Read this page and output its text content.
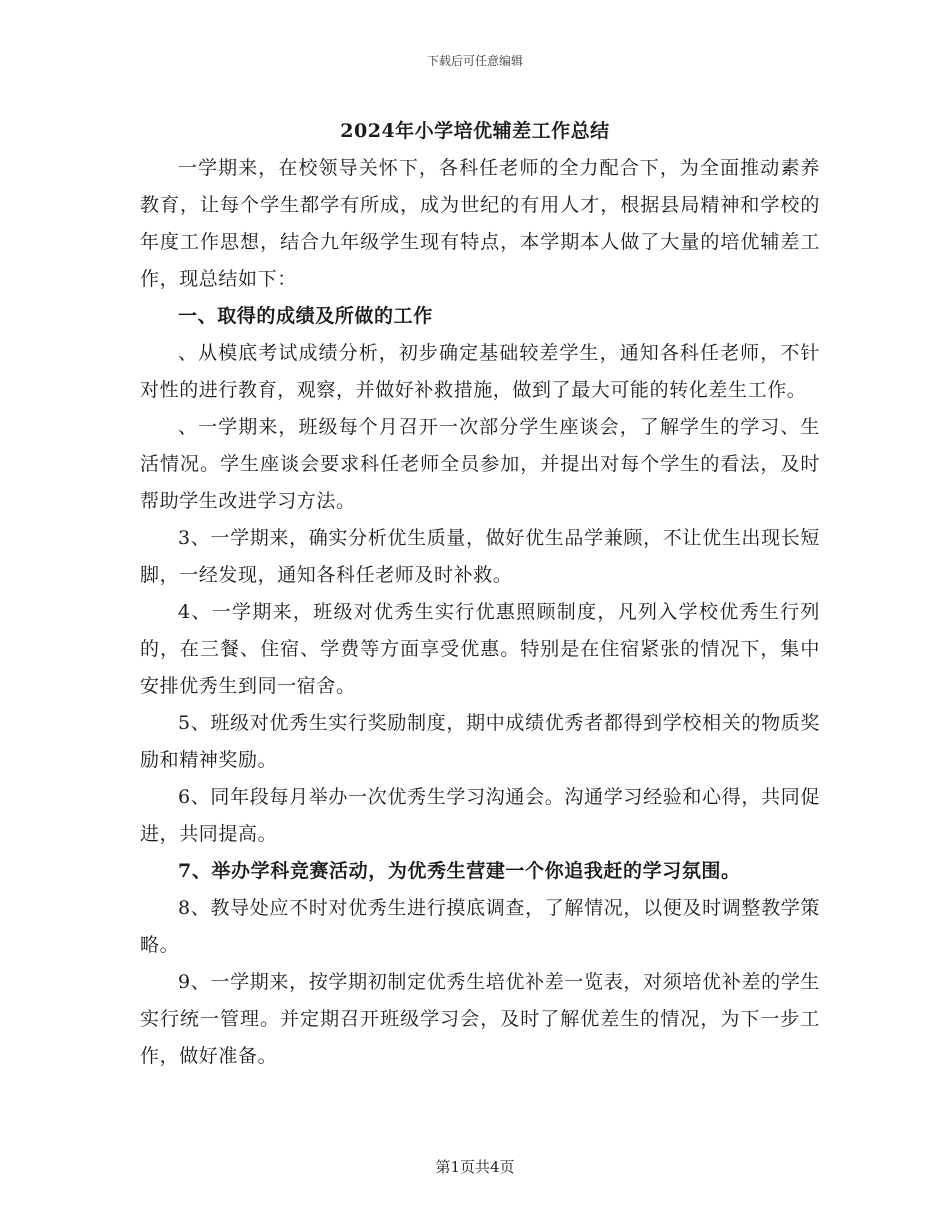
下载后可任意编辑
2024年小学培优辅差工作总结

一学期来，在校领导关怀下，各科任老师的全力配合下，为全面推动素养教育，让每个学生都学有所成，成为世纪的有用人才，根据县局精神和学校的年度工作思想，结合九年级学生现有特点，本学期本人做了大量的培优辅差工作，现总结如下：

一、取得的成绩及所做的工作

、从模底考试成绩分析，初步确定基础较差学生，通知各科任老师，不针对性的进行教育，观察，并做好补救措施，做到了最大可能的转化差生工作。

、一学期来，班级每个月召开一次部分学生座谈会，了解学生的学习、生活情况。学生座谈会要求科任老师全员参加，并提出对每个学生的看法，及时帮助学生改进学习方法。

3、一学期来，确实分析优生质量，做好优生品学兼顾，不让优生出现长短脚，一经发现，通知各科任老师及时补救。

4、一学期来，班级对优秀生实行优惠照顾制度，凡列入学校优秀生行列的，在三餐、住宿、学费等方面享受优惠。特别是在住宿紧张的情况下，集中安排优秀生到同一宿舍。

5、班级对优秀生实行奖励制度，期中成绩优秀者都得到学校相关的物质奖励和精神奖励。

6、同年段每月举办一次优秀生学习沟通会。沟通学习经验和心得，共同促进，共同提高。

7、举办学科竞赛活动，为优秀生营建一个你追我赶的学习氛围。

8、教导处应不时对优秀生进行摸底调查，了解情况，以便及时调整教学策略。

9、一学期来，按学期初制定优秀生培优补差一览表，对须培优补差的学生实行统一管理。并定期召开班级学习会，及时了解优差生的情况，为下一步工作，做好准备。

第1页共4页
